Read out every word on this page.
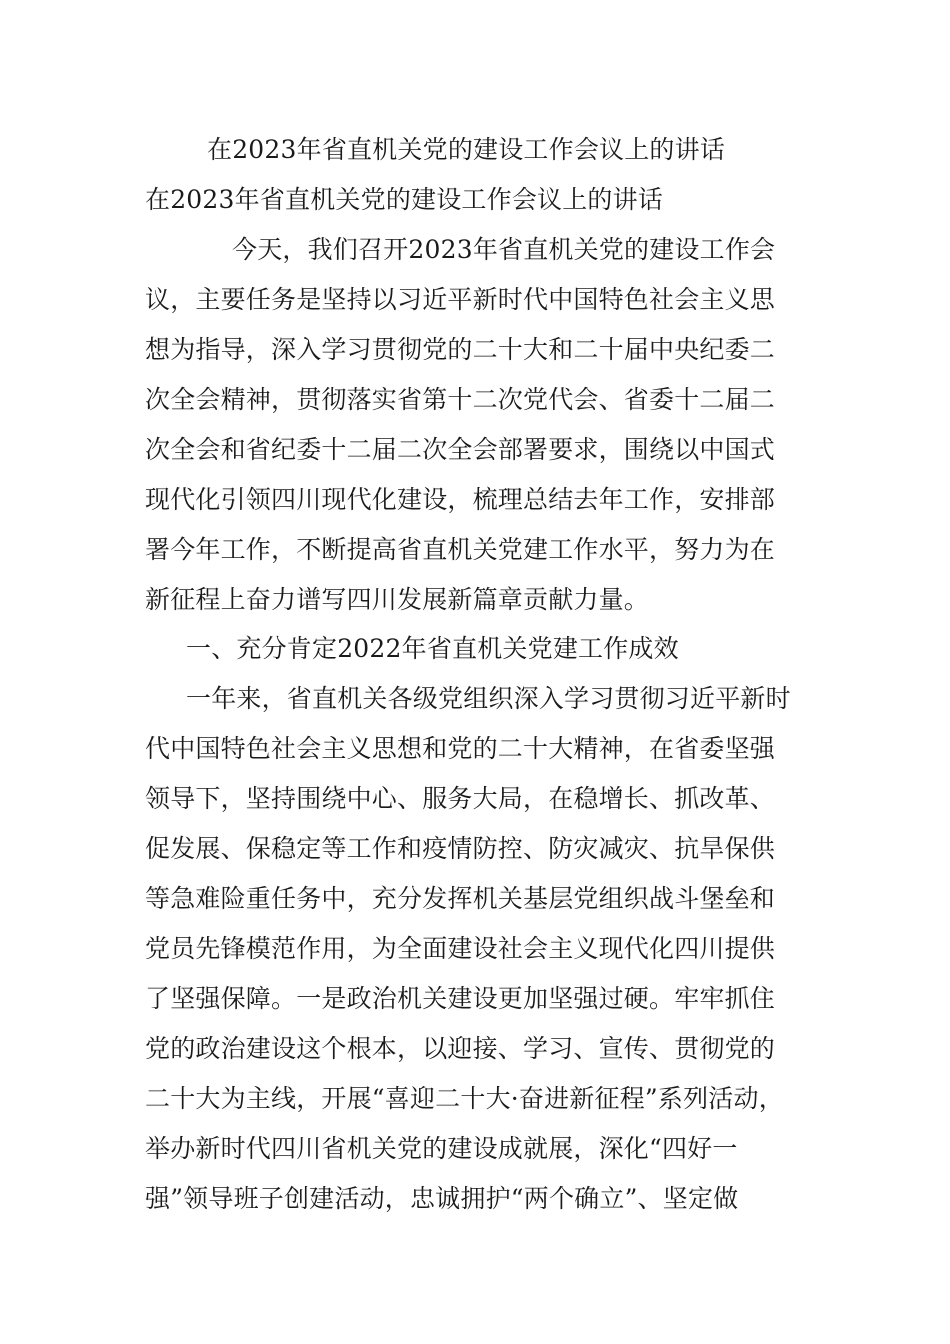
在2023年省直机关党的建设工作会议上的讲话
在2023年省直机关党的建设工作会议上的讲话
今天，我们召开2023年省直机关党的建设工作会
议，主要任务是坚持以习近平新时代中国特色社会主义思
想为指导，深入学习贯彻党的二十大和二十届中央纪委二
次全会精神，贯彻落实省第十二次党代会、省委十二届二
次全会和省纪委十二届二次全会部署要求，围绕以中国式
现代化引领四川现代化建设，梳理总结去年工作，安排部
署今年工作，不断提高省直机关党建工作水平，努力为在
新征程上奋力谱写四川发展新篇章贡献力量。
一、充分肯定2022年省直机关党建工作成效
一年来，省直机关各级党组织深入学习贯彻习近平新时
代中国特色社会主义思想和党的二十大精神，在省委坚强
领导下，坚持围绕中心、服务大局，在稳增长、抓改革、
促发展、保稳定等工作和疫情防控、防灾减灾、抗旱保供
等急难险重任务中，充分发挥机关基层党组织战斗堡垒和
党员先锋模范作用，为全面建设社会主义现代化四川提供
了坚强保障。一是政治机关建设更加坚强过硬。牢牢抓住
党的政治建设这个根本，以迎接、学习、宣传、贯彻党的
二十大为主线，开展“喜迎二十大·奋进新征程”系列活动，
举办新时代四川省机关党的建设成就展，深化“四好一
强”领导班子创建活动，忠诚拥护“两个确立”、坚定做
